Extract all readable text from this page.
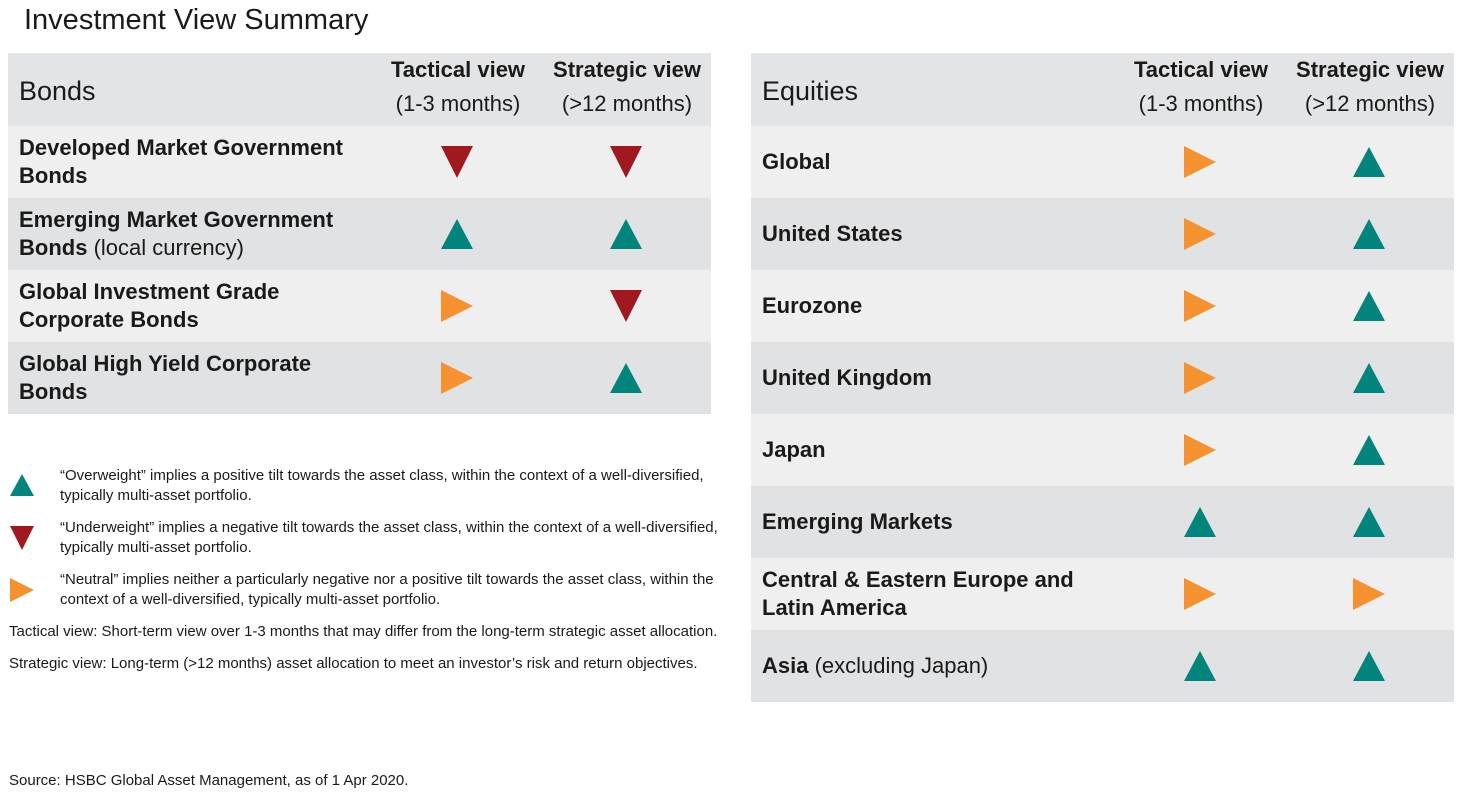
Investment View Summary
Bonds
Tactical view
(1-3 months)
Strategic view
(>12 months)
Developed Market Government Bonds
Emerging Market Government Bonds (local currency)
Global Investment Grade Corporate Bonds
Global High Yield Corporate Bonds
Equities
Tactical view
(1-3 months)
Strategic view
(>12 months)
Global
United States
Eurozone
United Kingdom
Japan
Emerging Markets
Central & Eastern Europe and Latin America
Asia (excluding Japan)
“Overweight” implies a positive tilt towards the asset class, within the context of a well-diversified, typically multi-asset portfolio.
“Underweight” implies a negative tilt towards the asset class, within the context of a well-diversified, typically multi-asset portfolio.
“Neutral” implies neither a particularly negative nor a positive tilt towards the asset class, within the context of a well-diversified, typically multi-asset portfolio.
Tactical view: Short-term view over 1-3 months that may differ from the long-term strategic asset allocation.
Strategic view: Long-term (>12 months) asset allocation to meet an investor’s risk and return objectives.
Source: HSBC Global Asset Management, as of 1 Apr 2020.
